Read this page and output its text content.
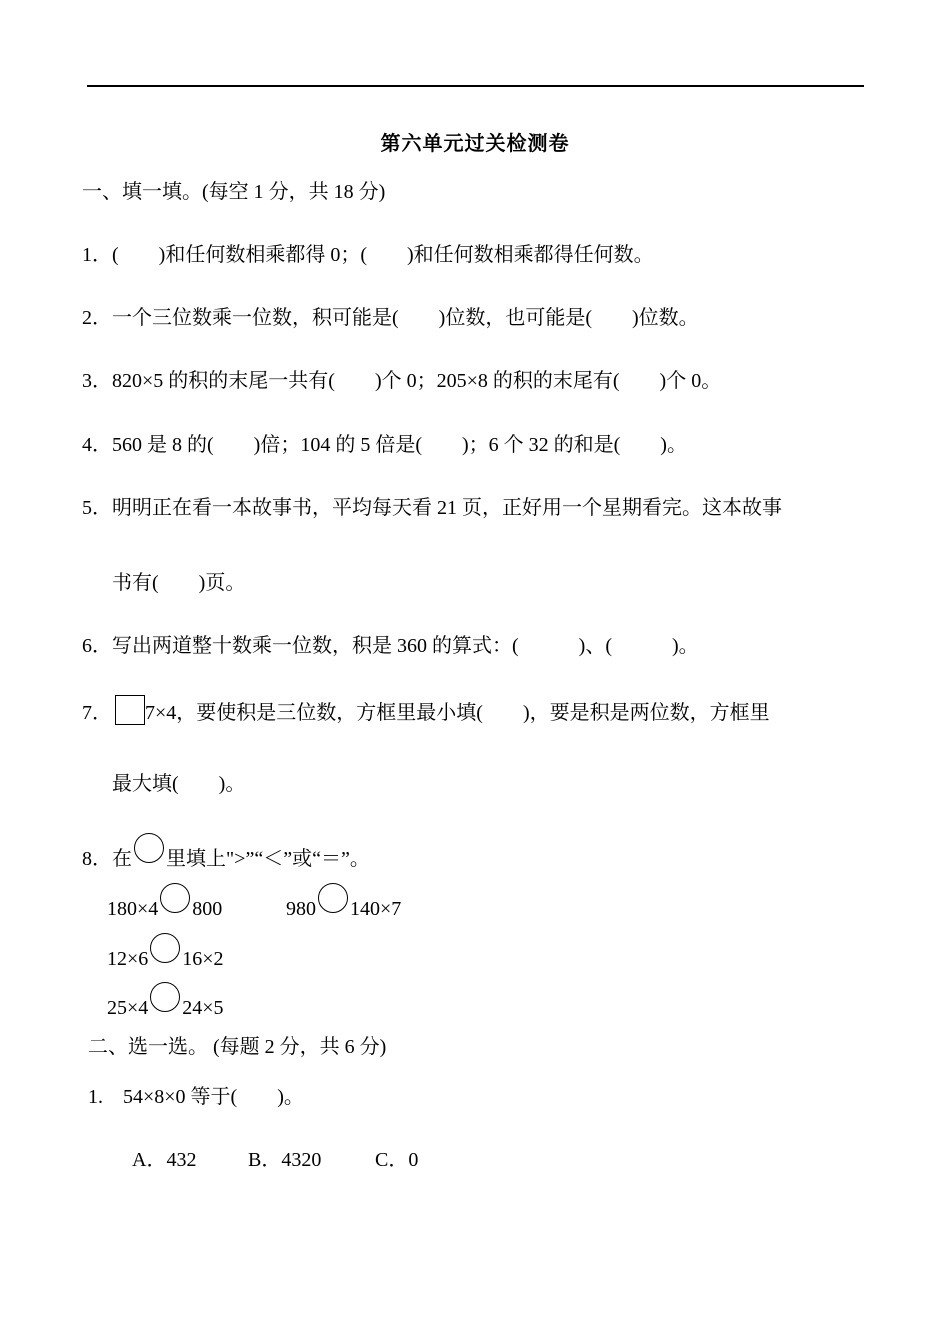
第六单元过关检测卷
一、填一填。(每空 1 分，共 18 分)
1．(　　)和任何数相乘都得 0；(　　)和任何数相乘都得任何数。
2．一个三位数乘一位数，积可能是(　　)位数，也可能是(　　)位数。
3．820×5 的积的末尾一共有(　　)个 0；205×8 的积的末尾有(　　)个 0。
4．560 是 8 的(　　)倍；104 的 5 倍是(　　)；6 个 32 的和是(　　)。
5．明明正在看一本故事书，平均每天看 21 页，正好用一个星期看完。这本故事
书有(　　)页。
6．写出两道整十数乘一位数，积是 360 的算式：(　　　)、(　　　)。
7． 7×4，要使积是三位数，方框里最小填(　　)，要是积是两位数，方框里
最大填(　　)。
8．在 里填上">”“＜”或“＝”。
180×4 800	980 140×7
12×6 16×2
25×4 24×5
二、选一选。 (每题 2 分，共 6 分)
1.　54×8×0 等于(　　)。
A．432	B．4320	C．0
